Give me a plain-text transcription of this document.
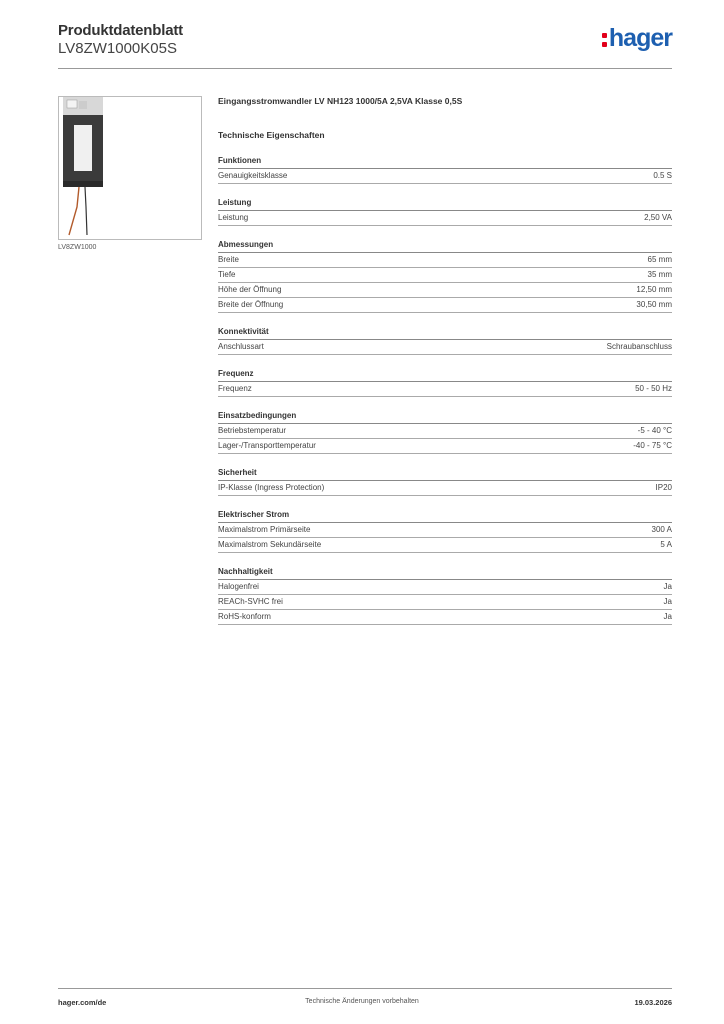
Produktdatenblatt
LV8ZW1000K05S	hager
LV8ZW1000
Eingangsstromwandler LV NH123 1000/5A 2,5VA Klasse 0,5S
Technische Eigenschaften
Funktionen
Genauigkeitsklasse	0.5 S
Leistung
Leistung	2,50 VA
Abmessungen
Breite	65 mm
Tiefe	35 mm
Höhe der Öffnung	12,50 mm
Breite der Öffnung	30,50 mm
Konnektivität
Anschlussart	Schraubanschluss
Frequenz
Frequenz	50 - 50 Hz
Einsatzbedingungen
Betriebstemperatur	-5 - 40 °C
Lager-/Transporttemperatur	-40 - 75 °C
Sicherheit
IP-Klasse (Ingress Protection)	IP20
Elektrischer Strom
Maximalstrom Primärseite	300 A
Maximalstrom Sekundärseite	5 A
Nachhaltigkeit
Halogenfrei	Ja
REACh-SVHC frei	Ja
RoHS-konform	Ja
hager.com/de	Technische Änderungen vorbehalten	19.03.2026
